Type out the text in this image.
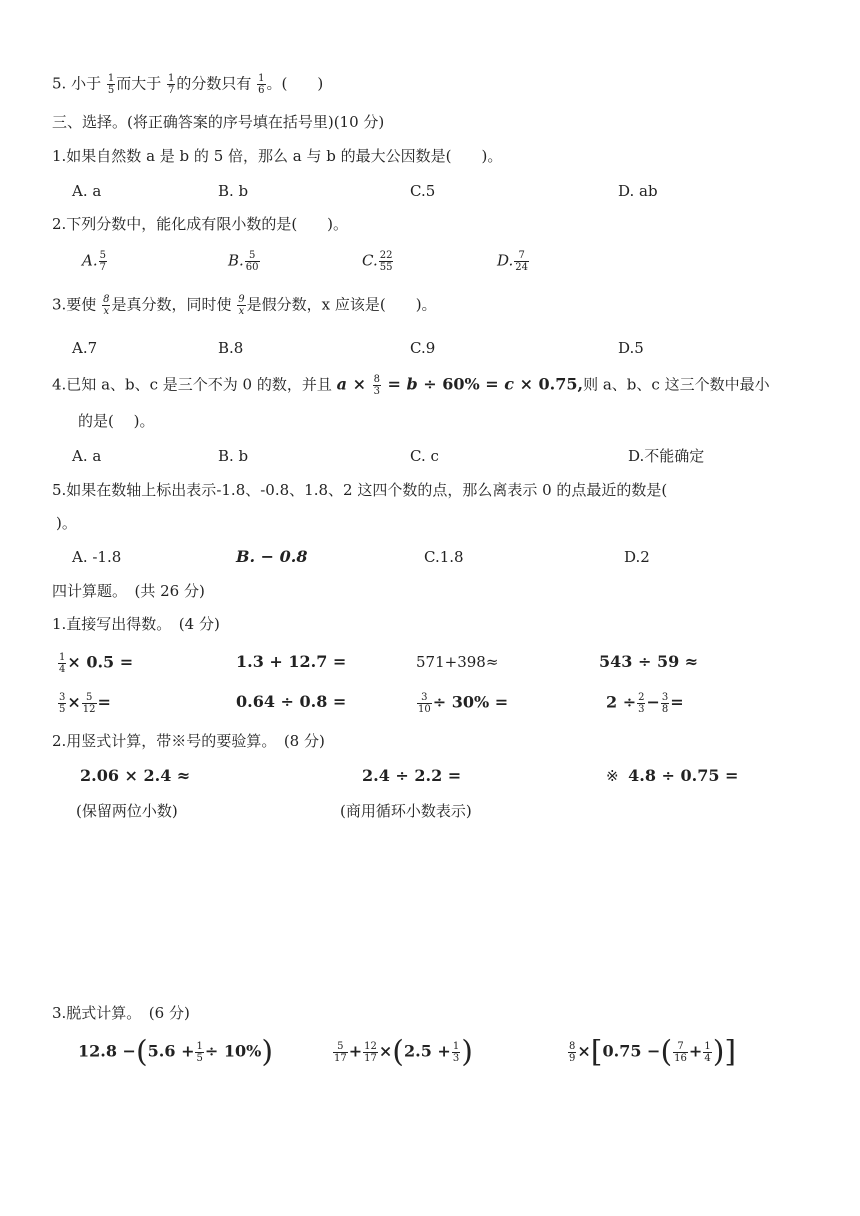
5. 小于 $\frac{1}{5}$ 而大于 $\frac{1}{7}$ 的分数只有 $\frac{1}{6}$ 。(　　)
三、选择。(将正确答案的序号填在括号里)(10 分)
1.如果自然数 a 是 b 的 5 倍，那么 a 与 b 的最大公因数是(　　)。
A. a	B. b	C.5	D. ab
2.下列分数中，能化成有限小数的是(　　)。
A. $\frac{5}{7}$	B. $\frac{5}{60}$	C. $\frac{22}{55}$	D. $\frac{7}{24}$
3.要使 $\frac{8}{x}$ 是真分数，同时使 $\frac{9}{x}$ 是假分数，x 应该是(　　)。
A.7	B.8	C.9	D.5
4.已知 a、b、c 是三个不为 0 的数，并且 $a \times \frac{8}{3} = b \div 60\% = c \times 0.75$,则 a、b、c 这三个数中最小
的是(　 )。
A. a	B. b	C. c	D.不能确定
5.如果在数轴上标出表示-1.8、-0.8、1.8、2 这四个数的点，那么离表示 0 的点最近的数是(
)。
A. -1.8	B. − 0.8	C.1.8	D.2
四计算题。　(共 26 分)
1.直接写出得数。　(4 分)
$\frac{1}{4} \times 0.5$ =	1.3 + 12.7 =	571+398≈	543 ÷ 59 ≈
$\frac{3}{5} \times \frac{5}{12}$ =	0.64 ÷ 0.8 =	$\frac{3}{10} \div 30\%$ =	$2 \div \frac{2}{3} - \frac{3}{8}$ =
2.用竖式计算，带※号的要验算。　(8 分)
2.06 × 2.4 ≈	2.4 ÷ 2.2 =	※ 4.8 ÷ 0.75 =
(保留两位小数)	(商用循环小数表示)
3.脱式计算。　(6 分)
$12.8 -(5.6 + \frac{1}{5} \div 10\%)$	$\frac{5}{17} + \frac{12}{17} \times(2.5 + \frac{1}{3}$ )	$\frac{8}{9} \times[0.75$ −( $\frac{7}{16} + \frac{1}{4}$ )]
